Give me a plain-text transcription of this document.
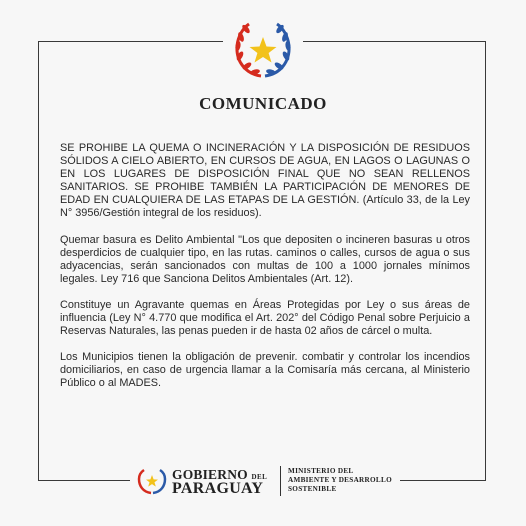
COMUNICADO

SE PROHIBE LA QUEMA O INCINERACIÓN Y LA DISPOSICIÓN DE RESIDUOS SÓLIDOS A CIELO ABIERTO, EN CURSOS DE AGUA, EN LAGOS O LAGUNAS O EN LOS LUGARES DE DISPOSICIÓN FINAL QUE NO SEAN RELLENOS SANITARIOS. SE PROHIBE TAMBIÉN LA PARTICIPACIÓN DE MENORES DE EDAD EN CUALQUIERA DE LAS ETAPAS DE LA GESTIÓN. (Artículo 33, de la Ley N° 3956/Gestión integral de los residuos).

Quemar basura es Delito Ambiental "Los que depositen o incineren basuras u otros desperdicios de cualquier tipo, en las rutas. caminos o calles, cursos de agua o sus adyacencias, serán sancionados con multas de 100 a 1000 jornales mínimos legales. Ley 716 que Sanciona Delitos Ambientales (Art. 12).

Constituye un Agravante quemas en Áreas Protegidas por Ley o sus áreas de influencia (Ley N° 4.770 que modifica el Art. 202° del Código Penal sobre Perjuicio a Reservas Naturales, las penas pueden ir de hasta 02 años de cárcel o multa.

Los Municipios tienen la obligación de prevenir. combatir y controlar los incendios domiciliarios, en caso de urgencia llamar a la Comisaría más cercana, al Ministerio Público o al MADES.

GOBIERNO DEL
PARAGUAY
MINISTERIO DEL
AMBIENTE Y DESARROLLO
SOSTENIBLE
